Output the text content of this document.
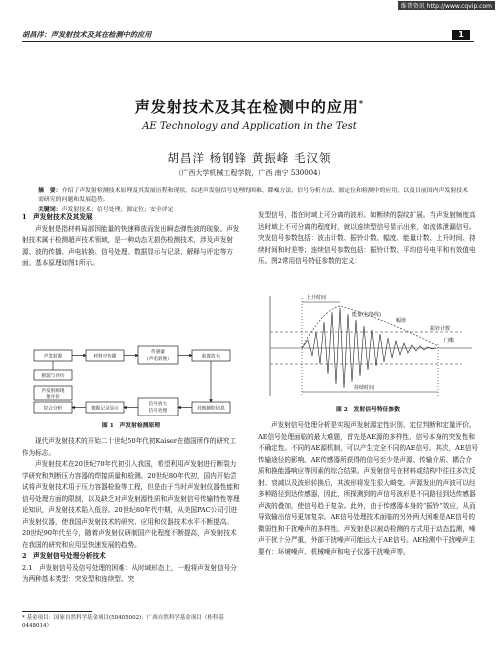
维普资讯 http://www.cqvip.com
胡昌洋：声发射技术及其在检测中的应用	1
声发射技术及其在检测中的应用*
AE Technology and Application in the Test
胡昌洋 杨钢锋 黄振峰 毛汉领
（广西大学机械工程学院，广西 南宁 530004）
摘　要：介绍了声发射检测技术原理及其发展历程和现状，综述声发射信号处理的困难、降噪方法、信号分析方法、源定位和检测中的应用，以及目前国内声发射技术需研究的问题和发展趋势。
关键词：声发射技术；信号处理；源定位；安全评定
1　声发射技术及其发展

声发射是指材料局部因能量的快速释放而发出瞬态弹性波的现象。声发射技术属于检测超声技术领域，是一种动态无损伤检测技术，涉及声发射源、波的传播、声电转换、信号处理、数据显示与记录、解释与评定等方面。基本原理如图1所示。

声发射源	材料中传播
传感器
（声电转换）	前置放大
断裂与评价
声发射源现
象评价
综合分析	数据记录显示
信号放大
信号处理	其他辅助信息
图 1　声发射检测原理

现代声发射技术的开始二十世纪50年代初Kaiser在德国所作的研究工作为标志。

声发射技术在20世纪70年代初引入我国，希望利用声发射进行断裂力学研究和判断压力容器的焊接质量和检测。20世纪80年代初，国内开始尝试将声发射技术用于压力容器检验等工程，但是由于当时声发射仪器性能和信号处理方面的限制，以及缺乏对声发射源性质和声发射信号传输特性等理论知识，声发射技术陷入低谷。20世纪80年代中期，从美国PAC公司引进声发射仪器，使我国声发射技术的研究、应用和仪器技术水平不断提高。20世纪90年代至今，随着声发射仪研制国产化程度不断提高，声发射技术在我国的研究和应用呈快速发展的趋势。

2　声发射信号处理分析技术

2.1　声发射信号及信号处理的困难：从时域形态上，一般将声发射信号分为两种基本类型：突发型和连续型。突

* 基金项目：国家自然科学基金项目(50405002)；广西自然科学基金项目（桂科基 0448014）

发型信号，指在时域上可分离的波形。如断续的裂纹扩展。当声发射频度高达时域上不可分离的程度时，就以连续型信号显示出来，如流体泄漏信号。突发信号参数包括：波击计数、振铃计数、幅度、能量计数、上升时间、持续时间和时差等；连续信号参数包括：振铃计数、平均信号电平和有效值电压。图2常用信号特征参数的定义：

上升时间
能量(包络线)
幅值
振铃计数
门槛
持续时间
图 2　发射信号特征参数

声发射信号处理分析是实现声发射源定性识别、定位判断和定量评价。AE信号处理面临的最大难题，首先是AE源的多样性、信号本身的突发性和不确定性。不同的AE源机制，可以产生完全不同的AE信号。其次，AE信号传输途径的影响。AE传感器所获得的信号至少是声源、传输介质、耦合介质和换能器响应等因素的综合结果。声发射信号在材料或结构中往往多次反射、衰减以及波形转换后，其波形将发生很大畸变。声源发出的声波可以经多种路径到达传感器，因此，所探测到的声信号波形是不同路径到达传感器声波的叠加，使信号趋于复杂。此外，由于传感器本身的“振铃”效应，从而导致输出信号更加复杂。AE信号处理技术面临的另外两大困难是AE信号的微弱性和干扰噪声的多样性。声发射是以被动检测的方式用于动态监测，噪声干扰十分严重，外部干扰噪声可能远大于AE信号。AE检测中干扰噪声主要有：环境噪声、机械噪声和电子仪器干扰噪声等。
